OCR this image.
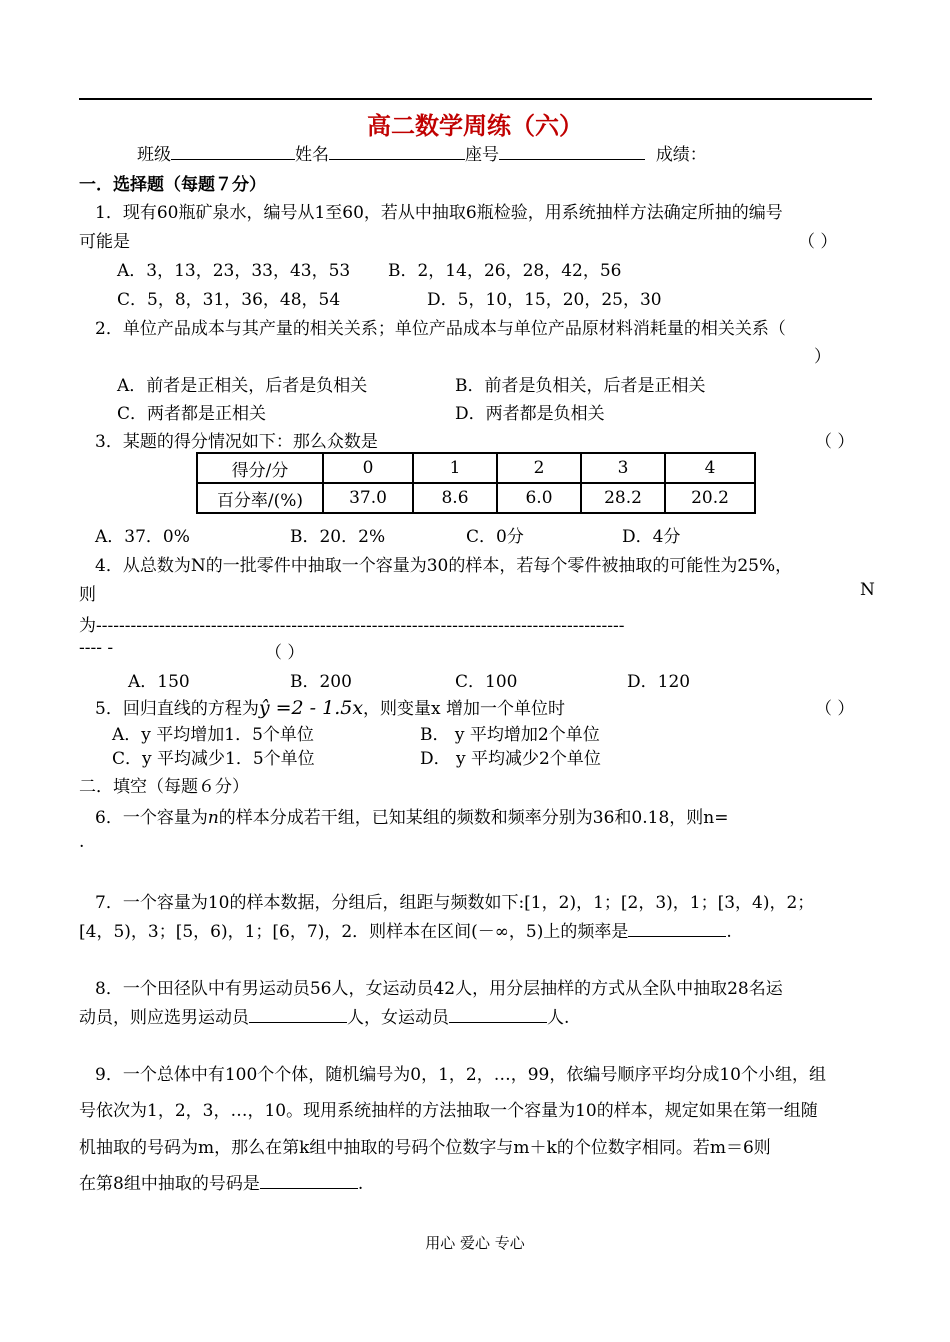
高二数学周练（六）
班级	姓名	座号	成绩：
一．选择题（每题７分）
1．现有60瓶矿泉水，编号从1至60，若从中抽取6瓶检验，用系统抽样方法确定所抽的编号
可能是	（ ）
A．3，13，23，33，43，53 B．2，14，26，28，42，56
C．5，8，31，36，48，54	D．5，10，15，20，25，30
2．单位产品成本与其产量的相关关系；单位产品成本与单位产品原材料消耗量的相关关系（
）
A．前者是正相关，后者是负相关	B．前者是负相关，后者是正相关
C．两者都是正相关	D．两者都是负相关
3．某题的得分情况如下：那么众数是	（ ）
得分/分	0	1	2	3	4
百分率/(%)	37.0	8.6	6.0	28.2	20.2
A．37．0%	B．20．2%	C．0分	D．4分
4．从总数为N的一批零件中抽取一个容量为30的样本，若每个零件被抽取的可能性为25%，
则	N
为--------------------------------------------------------------------------------------------
---- -	（ ）
A．150	B．200	C．100	D．120
5．回归直线的方程为ŷ =2 - 1.5x，则变量x 增加一个单位时	（ ）
A．y 平均增加1．5个单位	B． y 平均增加2个单位
C．y 平均减少1．5个单位	D． y 平均减少2个单位
二．填空（每题６分）
6．一个容量为n的样本分成若干组，已知某组的频数和频率分别为36和0.18，则n=
.
7．一个容量为10的样本数据，分组后，组距与频数如下:[1，2)，1；[2，3)，1；[3，4)，2；
[4，5)，3；[5，6)，1；[6，7)，2．则样本在区间(－∞，5)上的频率是	.
8．一个田径队中有男运动员56人，女运动员42人，用分层抽样的方式从全队中抽取28名运
动员，则应选男运动员	人，女运动员	人.
9．一个总体中有100个个体，随机编号为0，1，2，…，99，依编号顺序平均分成10个小组，组
号依次为1，2，3，…，10。现用系统抽样的方法抽取一个容量为10的样本，规定如果在第一组随
机抽取的号码为m，那么在第k组中抽取的号码个位数字与m＋k的个位数字相同。若m＝6则
在第8组中抽取的号码是	.
用心 爱心 专心
